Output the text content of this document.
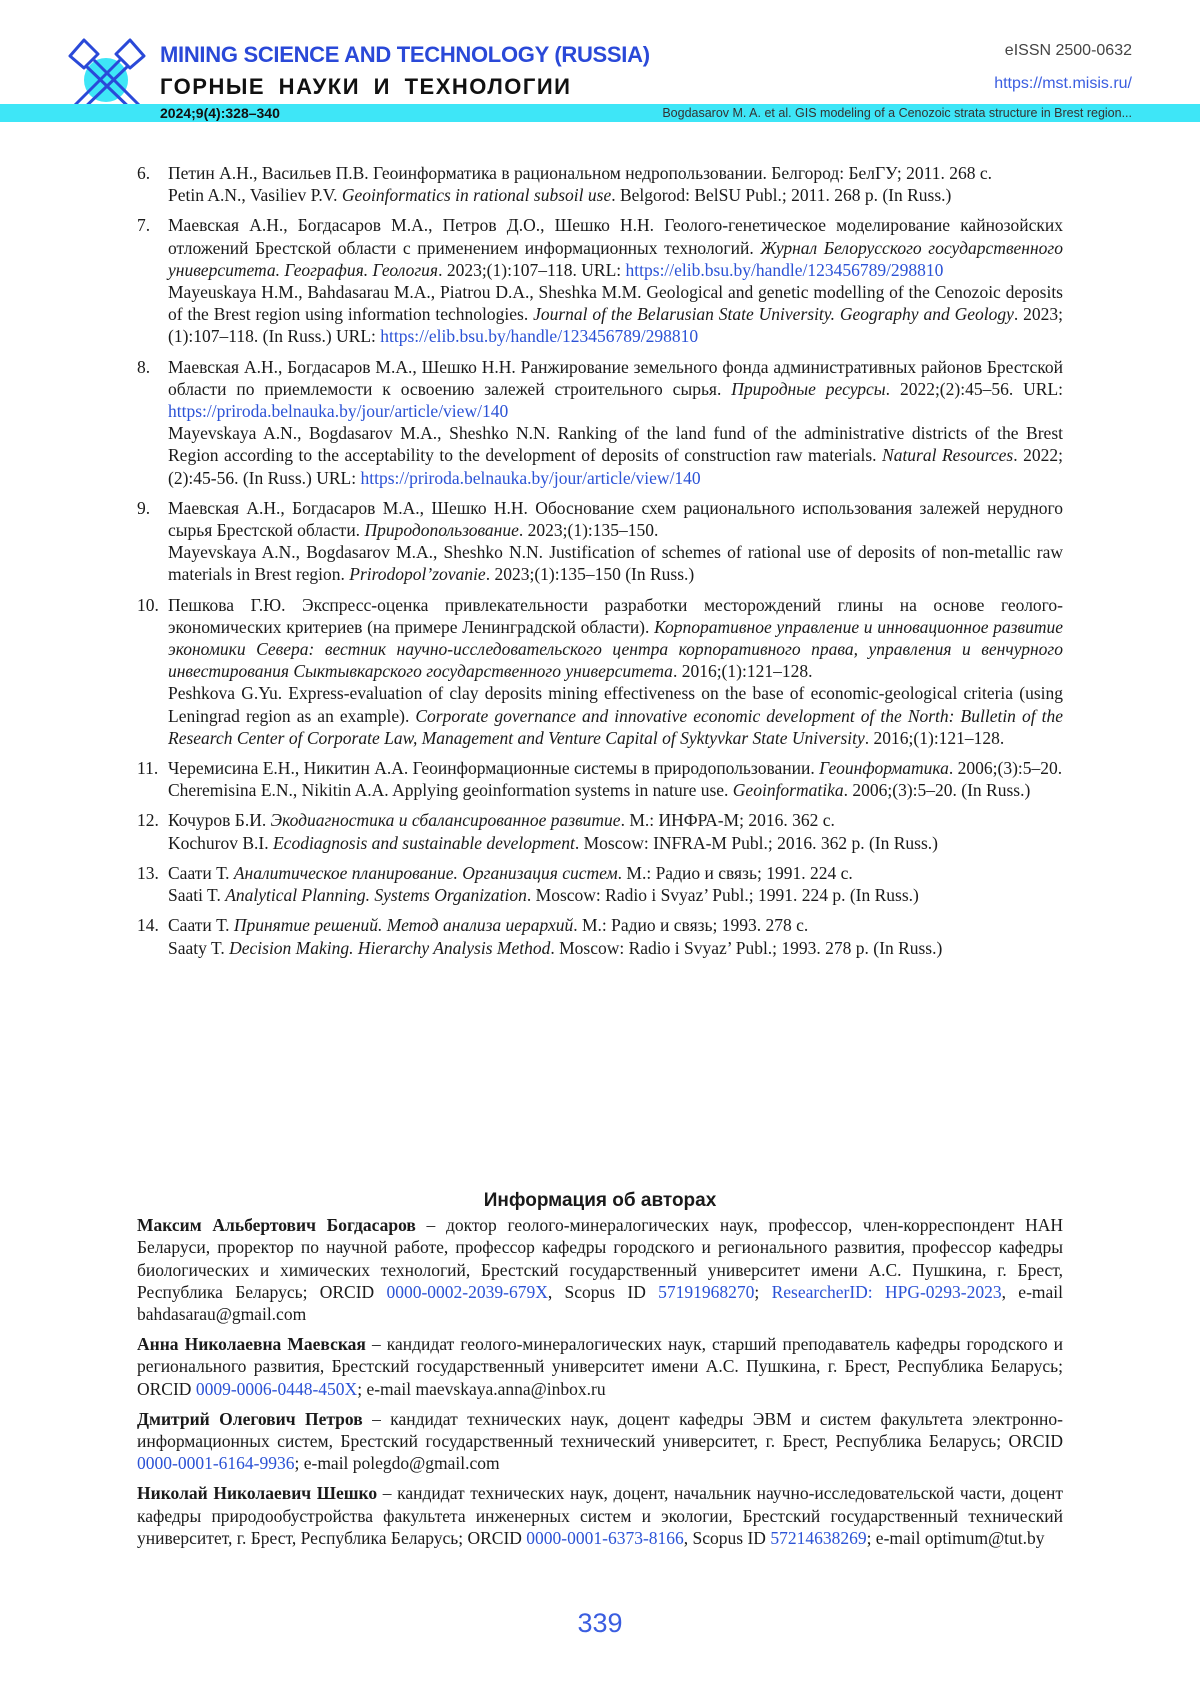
MINING SCIENCE AND TECHNOLOGY (RUSSIA)
ГОРНЫЕ НАУКИ И ТЕХНОЛОГИИ
eISSN 2500-0632
https://mst.misis.ru/
2024;9(4):328–340	Bogdasarov M. A. et al. GIS modeling of a Cenozoic strata structure in Brest region...
6.	Петин А.Н., Васильев П.В. Геоинформатика в рациональном недропользовании. Белгород: БелГУ; 2011. 268 с.

Petin A.N., Vasiliev P.V. Geoinformatics in rational subsoil use. Belgorod: BelSU Publ.; 2011. 268 p. (In Russ.)

7.	Маевская А.Н., Богдасаров М.А., Петров Д.О., Шешко Н.Н. Геолого-генетическое моделирование кайнозойских отложений Брестской области с применением информационных технологий. Журнал Белорусского государственного университета. География. Геология. 2023;(1):107–118. URL: https://elib.bsu.by/handle/123456789/298810

Mayeuskaya H.M., Bahdasarau M.A., Piatrou D.A., Sheshka M.M. Geological and genetic modelling of the Cenozoic deposits of the Brest region using information technologies. Journal of the Belarusian State University. Geography and Geology. 2023;(1):107–118. (In Russ.) URL: https://elib.bsu.by/handle/123456789/298810

8.	Маевская А.Н., Богдасаров М.А., Шешко Н.Н. Ранжирование земельного фонда административных районов Брестской области по приемлемости к освоению залежей строительного сырья. Природные ресурсы. 2022;(2):45–56. URL: https://priroda.belnauka.by/jour/article/view/140

Mayevskaya A.N., Bogdasarov M.A., Sheshko N.N. Ranking of the land fund of the administrative districts of the Brest Region according to the acceptability to the development of deposits of construction raw materials. Natural Resources. 2022;(2):45-56. (In Russ.) URL: https://priroda.belnauka.by/jour/article/view/140

9.	Маевская А.Н., Богдасаров М.А., Шешко Н.Н. Обоснование схем рационального использования залежей нерудного сырья Брестской области. Природопользование. 2023;(1):135–150.

Mayevskaya A.N., Bogdasarov M.A., Sheshko N.N. Justification of schemes of rational use of deposits of non-metallic raw materials in Brest region. Prirodopol’zovanie. 2023;(1):135–150 (In Russ.)

10. Пешкова Г.Ю. Экспресс-оценка привлекательности разработки месторождений глины на основе геолого-экономических критериев (на примере Ленинградской области). Корпоративное управление и инновационное развитие экономики Севера: вестник научно-исследовательского центра корпоративного права, управления и венчурного инвестирования Сыктывкарского государственного университета. 2016;(1):121–128.

Peshkova G.Yu. Express-evaluation of clay deposits mining effectiveness on the base of economic-geological criteria (using Leningrad region as an example). Corporate governance and innovative economic development of the North: Bulletin of the Research Center of Corporate Law, Management and Venture Capital of Syktyvkar State University. 2016;(1):121–128.

11. Черемисина Е.Н., Никитин А.А. Геоинформационные системы в природопользовании. Геоинформатика. 2006;(3):5–20.

Cheremisina E.N., Nikitin A.A. Applying geoinformation systems in nature use. Geoinformatika. 2006;(3):5–20. (In Russ.)

12. Кочуров Б.И. Экодиагностика и сбалансированное развитие. М.: ИНФРА-М; 2016. 362 с.

Kochurov B.I. Ecodiagnosis and sustainable development. Moscow: INFRA-M Publ.; 2016. 362 p. (In Russ.)

13. Саати Т. Аналитическое планирование. Организация систем. М.: Радио и связь; 1991. 224 с.

Saati T. Analytical Planning. Systems Organization. Moscow: Radio i Svyaz’ Publ.; 1991. 224 p. (In Russ.)

14. Саати Т. Принятие решений. Метод анализа иерархий. М.: Радио и связь; 1993. 278 с.

Saaty T. Decision Making. Hierarchy Analysis Method. Moscow: Radio i Svyaz’ Publ.; 1993. 278 p. (In Russ.)

Информация об авторах

Максим Альбертович Богдасаров – доктор геолого-минералогических наук, профессор, член-корреспондент НАН Беларуси, проректор по научной работе, профессор кафедры городского и регионального развития, профессор кафедры биологических и химических технологий, Брестский государственный университет имени А.С. Пушкина, г. Брест, Республика Беларусь; ORCID 0000-0002-2039-679X, Scopus ID 57191968270; ResearcherID: HPG-0293-2023, e-mail bahdasarau@gmail.com

Анна Николаевна Маевская – кандидат геолого-минералогических наук, старший преподаватель кафедры городского и регионального развития, Брестский государственный университет имени А.С. Пушкина, г. Брест, Республика Беларусь; ORCID 0009-0006-0448-450X; e-mail maevskaya.anna@inbox.ru

Дмитрий Олегович Петров – кандидат технических наук, доцент кафедры ЭВМ и систем факультета электронно-информационных систем, Брестский государственный технический университет, г. Брест, Республика Беларусь; ORCID 0000-0001-6164-9936; e-mail polegdo@gmail.com

Николай Николаевич Шешко – кандидат технических наук, доцент, начальник научно-исследовательской части, доцент кафедры природообустройства факультета инженерных систем и экологии, Брестский государственный технический университет, г. Брест, Республика Беларусь; ORCID 0000-0001-6373-8166, Scopus ID 57214638269; e-mail optimum@tut.by

339
